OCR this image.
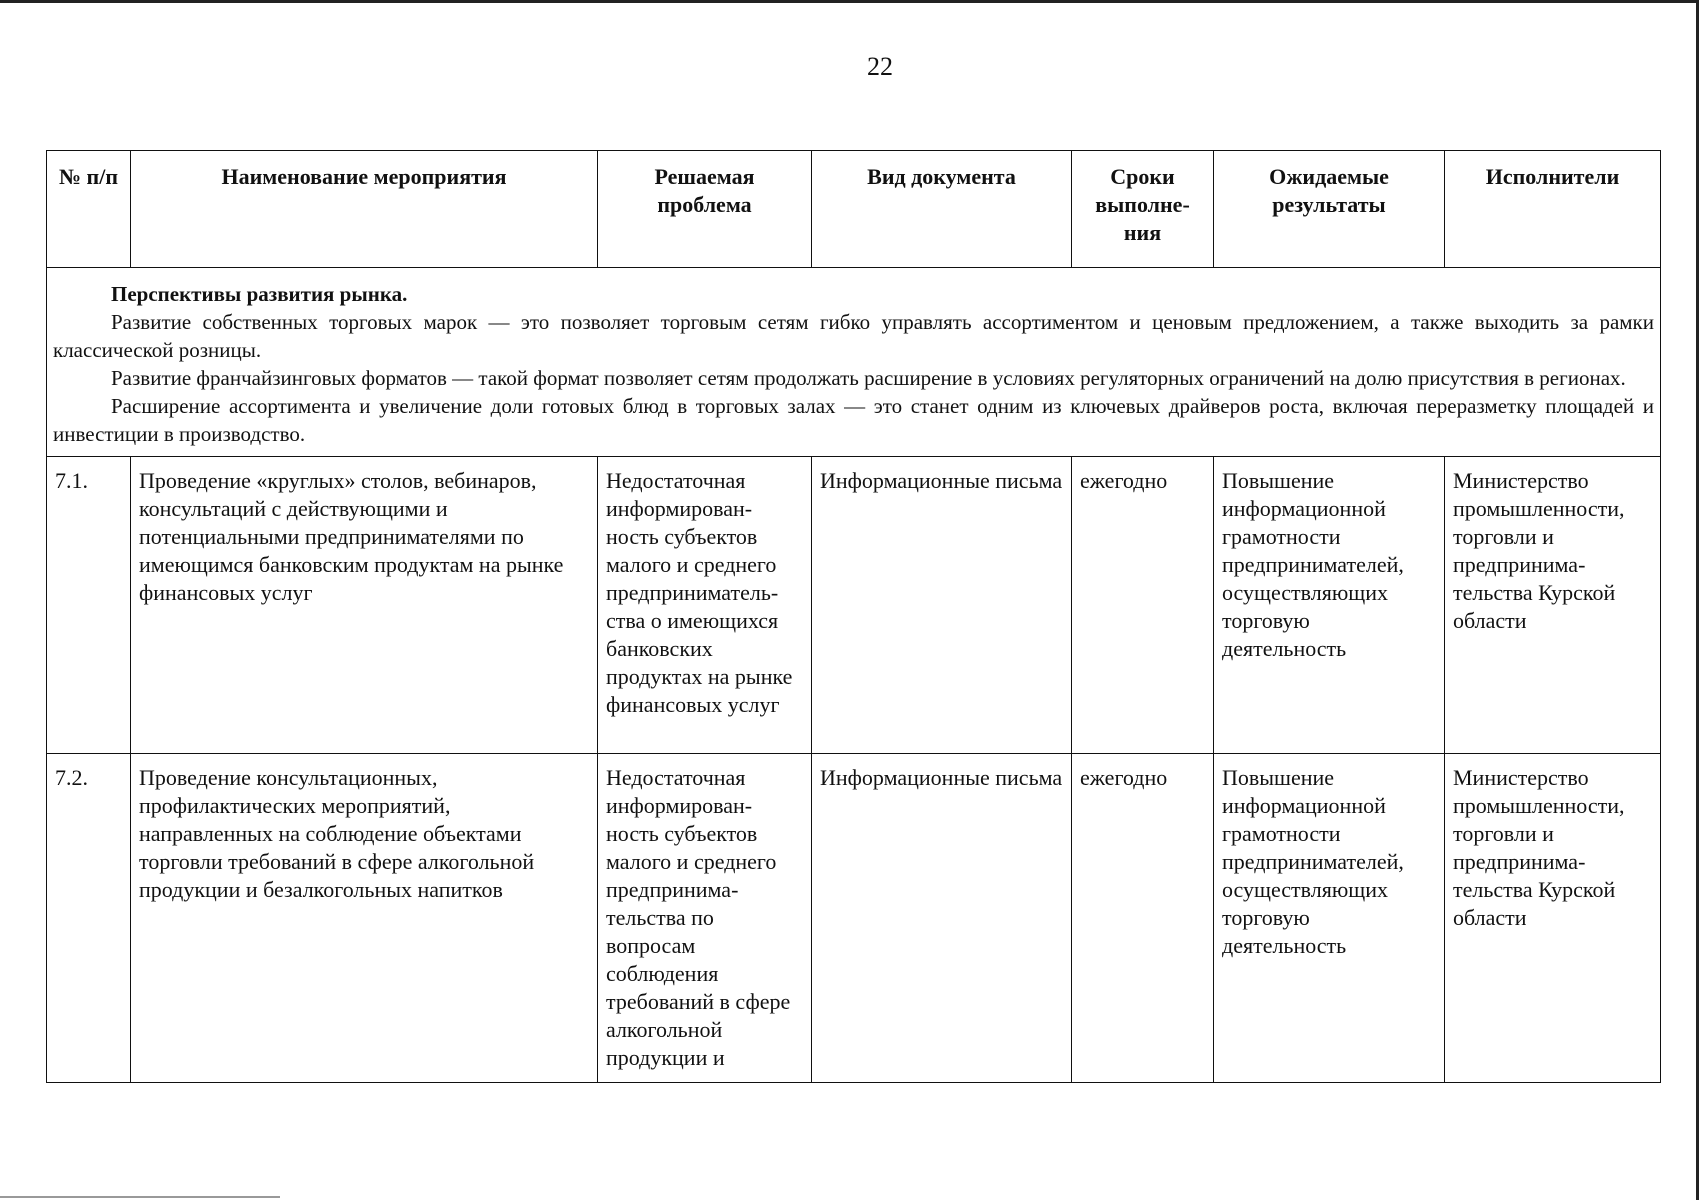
22
№ п/п	Наименование мероприятия	Решаемая проблема	Вид документа	Сроки выполне-ния	Ожидаемые результаты	Исполнители

Перспективы развития рынка.

Развитие собственных торговых марок — это позволяет торговым сетям гибко управлять ассортиментом и ценовым предложением, а также выходить за рамки классической розницы.

Развитие франчайзинговых форматов — такой формат позволяет сетям продолжать расширение в условиях регуляторных ограничений на долю присутствия в регионах.

Расширение ассортимента и увеличение доли готовых блюд в торговых залах — это станет одним из ключевых драйверов роста, включая переразметку площадей и инвестиции в производство.						

7.1.	Проведение «круглых» столов, вебинаров, консультаций с действующими и потенциальными предпринимателями по имеющимся банковским продуктам на рынке финансовых услуг	Недостаточная информирован-ность субъектов малого и среднего предприниматель-ства о имеющихся банковских продуктах на рынке финансовых услуг	Информационные письма	ежегодно	Повышение информационной грамотности предпринимателей, осуществляющих торговую деятельность	Министерство промышленности, торговли и предпринима-тельства Курской области
7.2.	Проведение консультационных, профилактических мероприятий, направленных на соблюдение объектами торговли требований в сфере алкогольной продукции и безалкогольных напитков	Недостаточная информирован-ность субъектов малого и среднего предпринима-тельства по вопросам соблюдения требований в сфере алкогольной продукции и	Информационные письма	ежегодно	Повышение информационной грамотности предпринимателей, осуществляющих торговую деятельность	Министерство промышленности, торговли и предпринима-тельства Курской области
